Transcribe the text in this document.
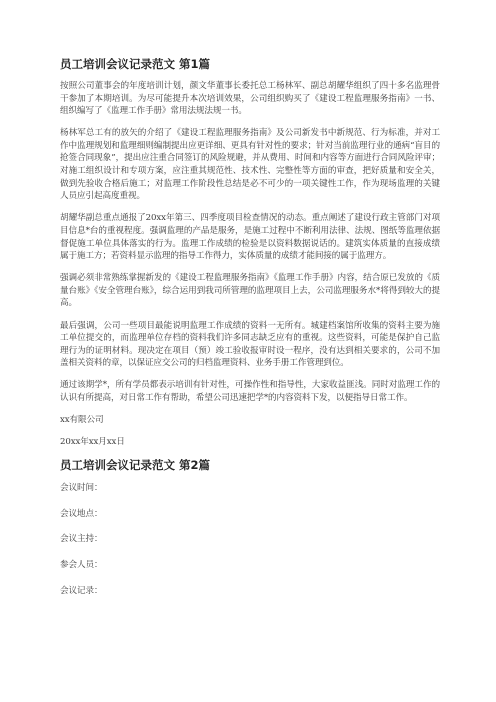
员工培训会议记录范文 第1篇

按照公司董事会的年度培训计划，颜文华董事长委托总工杨林军、副总胡耀华组织了四十多名监理骨干参加了本期培训。为尽可能提升本次培训效果，公司组织购买了《建设工程监理服务指南》一书、组织编写了《监理工作手册》常用法规法规一书。

杨林军总工有的放矢的介绍了《建设工程监理服务指南》及公司新发书中新规范、行为标准，并对工作中监理规划和监理细则编制提出应更详细、更具有针对性的要求；针对当前监理行业的通病“盲目的抢签合同现象”，提出应注重合同签订的风险规避，并从费用、时间和内容等方面进行合同风险评审；对施工组织设计和专项方案，应注重其规范性、技术性、完整性等方面的审查，把好质量和安全关，做到先验收合格后施工；对监理工作阶段性总结是必不可少的一项关键性工作，作为现场监理的关键人员应引起高度重视。

胡耀华副总重点通报了20xx年第三、四季度项目检查情况的动态。重点阐述了建设行政主管部门对项目信息*台的重视程度。强调监理的产品是服务，是施工过程中不断利用法律、法规、图纸等监理依据督促施工单位具体落实的行为。监理工作成绩的检验是以资料数据说话的。建筑实体质量的直接成绩属于施工方；若资料显示监理的指导工作得力，实体质量的成绩才能间接的属于监理方。

强调必须非常熟练掌握新发的《建设工程监理服务指南》《监理工作手册》内容，结合原已发放的《质量台账》《安全管理台账》，综合运用到我司所管理的监理项目上去，公司监理服务水*将得到较大的提高。

最后强调，公司一些项目最能说明监理工作成绩的资料一无所有。城建档案馆所收集的资料主要为施工单位提交的，而监理单位存档的资料我们许多同志缺乏应有的重视。这些资料，可能是保护自己监理行为的证明材料。现决定在项目（预）竣工验收报审时设一程序，没有达到相关要求的，公司不加盖相关资料的章，以保证应交公司的归档监理资料、业务手册工作管理到位。

通过该期学*，所有学员都表示培训有针对性，可操作性和指导性，大家收益匪浅。同时对监理工作的认识有所提高，对日常工作有帮助，希望公司迅速把学*的内容资料下发，以便指导日常工作。

xx有限公司

20xx年xx月xx日

员工培训会议记录范文 第2篇

会议时间：

会议地点：

会议主持：

参会人员：

会议记录：
